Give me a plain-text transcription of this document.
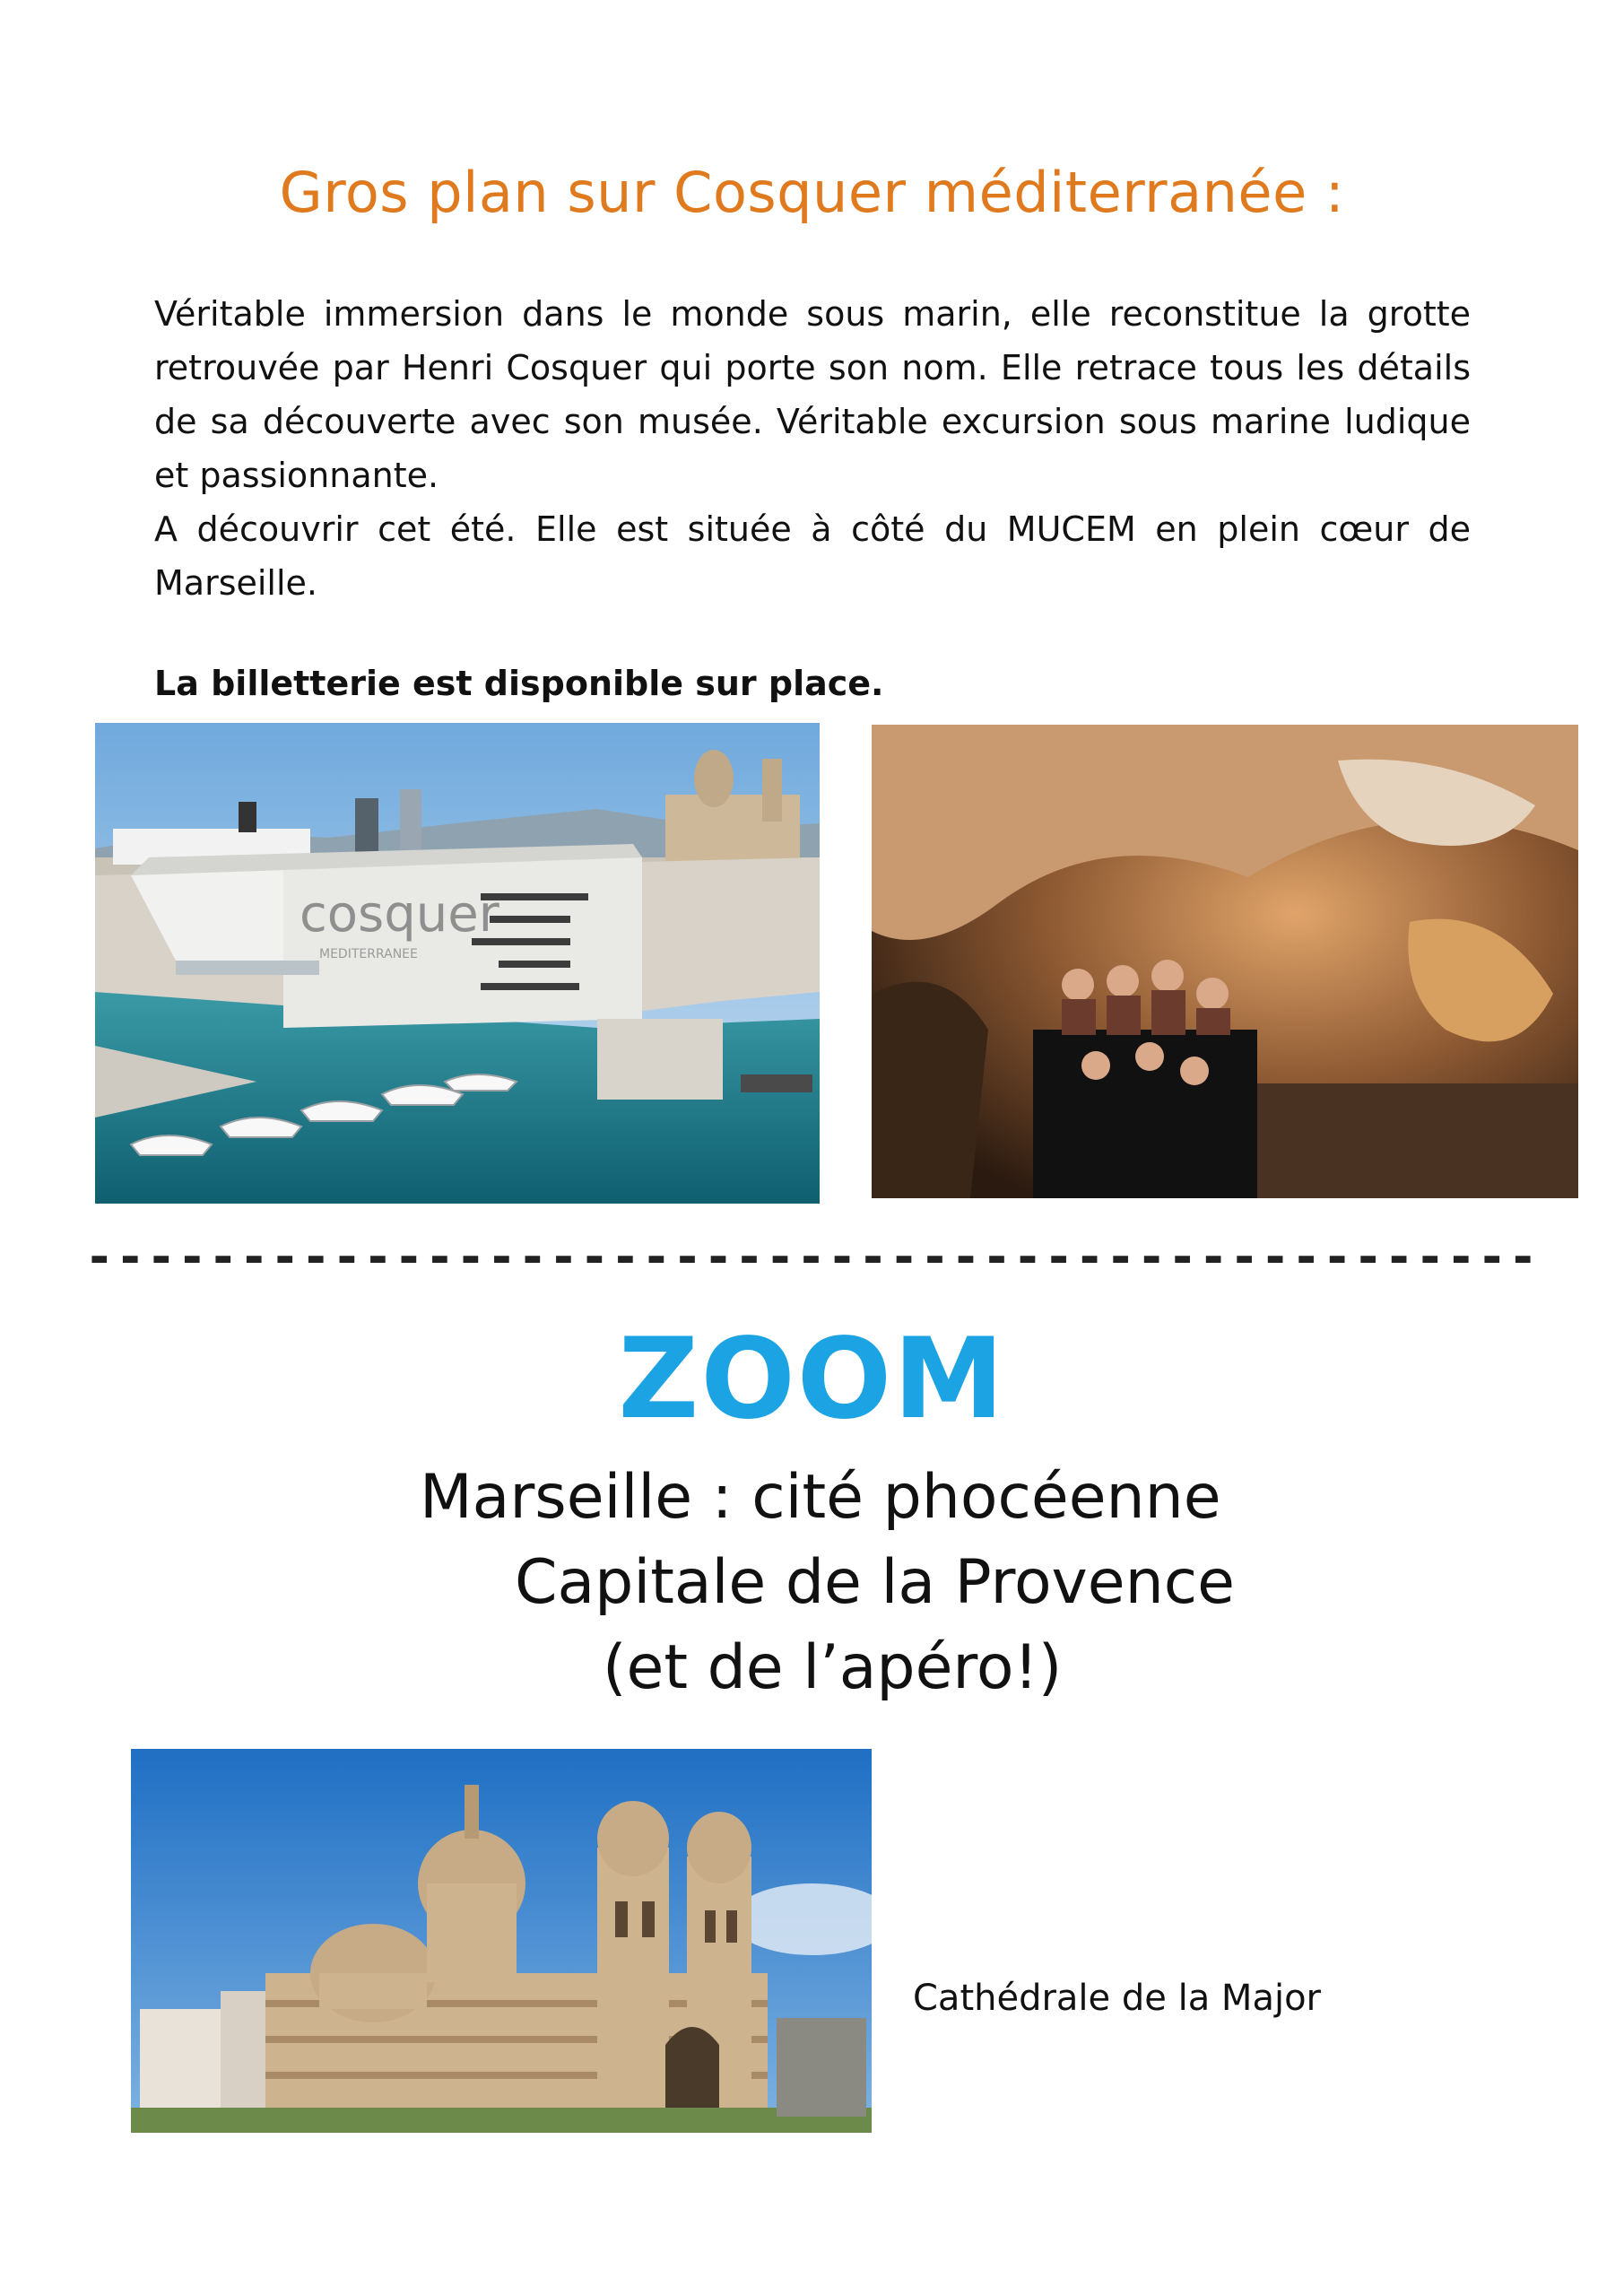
Gros plan sur Cosquer méditerranée :

Véritable immersion dans le monde sous marin, elle reconstitue la grotte retrouvée par Henri Cosquer qui porte son nom. Elle retrace tous les détails de sa découverte avec son musée. Véritable excursion sous marine ludique et passionnante.

A découvrir cet été. Elle est située à côté du MUCEM en plein cœur de Marseille.

La billetterie est disponible sur place.
cosquer
MEDITERRANEE
-----------------------------------------------
ZOOM
Marseille : cité phocéenne
Capitale de la Provence
(et de l’apéro!)
Cathédrale de la Major
